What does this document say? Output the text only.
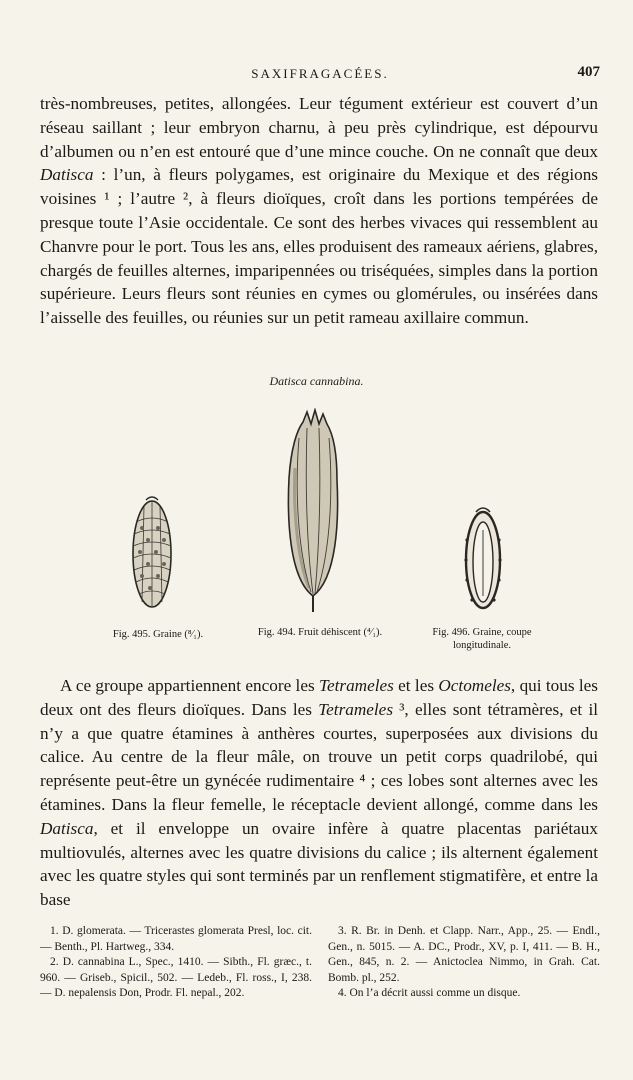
SAXIFRAGACÉES.	407

très-nombreuses, petites, allongées. Leur tégument extérieur est couvert d’un réseau saillant ; leur embryon charnu, à peu près cylindrique, est dépourvu d’albumen ou n’en est entouré que d’une mince couche. On ne connaît que deux Datisca : l’un, à fleurs polygames, est originaire du Mexique et des régions voisines ¹ ; l’autre ², à fleurs dioïques, croît dans les portions tempérées de presque toute l’Asie occidentale. Ce sont des herbes vivaces qui ressemblent au Chanvre pour le port. Tous les ans, elles produisent des rameaux aériens, glabres, chargés de feuilles alternes, imparipennées ou triséquées, simples dans la portion supérieure. Leurs fleurs sont réunies en cymes ou glomérules, ou insérées dans l’aisselle des feuilles, ou réunies sur un petit rameau axillaire commun.

Datisca cannabina.
Fig. 495. Graine (⁸⁄₁).	Fig. 494. Fruit déhiscent (⁴⁄₁).	Fig. 496. Graine, coupe longitudinale.

A ce groupe appartiennent encore les Tetrameles et les Octomeles, qui tous les deux ont des fleurs dioïques. Dans les Tetrameles ³, elles sont tétramères, et il n’y a que quatre étamines à anthères courtes, superposées aux divisions du calice. Au centre de la fleur mâle, on trouve un petit corps quadrilobé, qui représente peut-être un gynécée rudimentaire ⁴ ; ces lobes sont alternes avec les étamines. Dans la fleur femelle, le réceptacle devient allongé, comme dans les Datisca, et il enveloppe un ovaire infère à quatre placentas pariétaux multiovulés, alternes avec les quatre divisions du calice ; ils alternent également avec les quatre styles qui sont terminés par un renflement stigmatifère, et entre la base

1. D. glomerata. — Tricerastes glomerata Presl, loc. cit. — Benth., Pl. Hartweg., 334.

2. D. cannabina L., Spec., 1410. — Sibth., Fl. græc., t. 960. — Griseb., Spicil., 502. — Ledeb., Fl. ross., I, 238. — D. nepalensis Don, Prodr. Fl. nepal., 202.

3. R. Br. in Denh. et Clapp. Narr., App., 25. — Endl., Gen., n. 5015. — A. DC., Prodr., XV, p. I, 411. — B. H., Gen., 845, n. 2. — Anictoclea Nimmo, in Grah. Cat. Bomb. pl., 252.

4. On l’a décrit aussi comme un disque.
